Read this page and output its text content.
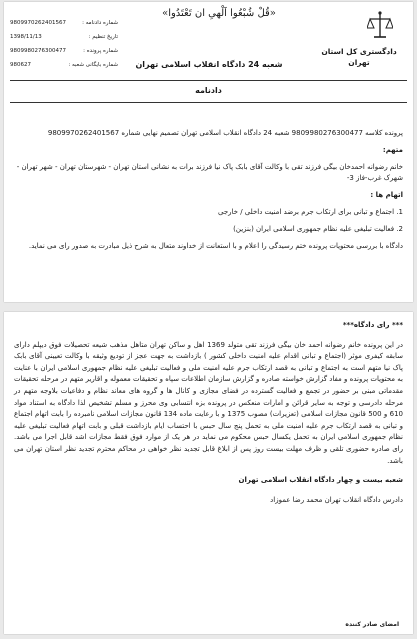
«قُلْ شُبْعُوا اَلْهیِ ان تَعْتَدُوا»
دادگستری کل استان
تهران
شعبه 24 دادگاه انقلاب اسلامی تهران
شماره دادنامه :
9809970262401567
تاریخ تنظیم :
1398/11/13
شماره پرونده :
9809980276300477
شماره بایگانی شعبه :
980627
دادنامه

پرونده کلاسه 9809980276300477 شعبه 24 دادگاه انقلاب اسلامی تهران تصمیم نهایی شماره 9809970262401567

متهم:

خانم رضوانه احمدخان بیگی فرزند تقی با وکالت آقای بابک پاک نیا فرزند برات به نشانی استان تهران - شهرستان تهران - شهر تهران - شهرک غرب-فاز 3-

اتهام ها :

1. اجتماع و تبانی برای ارتکاب جرم برضد امنیت داخلی / خارجی

2. فعالیت تبلیغی علیه نظام جمهوری اسلامی ایران (بنزین)

دادگاه با بررسی محتویات پرونده ختم رسیدگی را اعلام و با استعانت از خداوند متعال به شرح ذیل مبادرت به صدور رای می نماید.

*** رای دادگاه***

در این پرونده خانم رضوانه احمد خان بیگی فرزند تقی متولد 1369 اهل و ساکن تهران متاهل مذهب شیعه تحصیلات فوق دیپلم دارای سابقه کیفری موثر (اجتماع و تبانی اقدام علیه امنیت داخلی کشور ) بازداشت به جهت عجز از تودیع وثیقه با وکالت تعیینی آقای بابک پاک نیا متهم است به اجتماع و تبانی به قصد ارتکاب جرم علیه امنیت ملی و فعالیت تبلیغی علیه نظام جمهوری اسلامی ایران با عنایت به محتویات پرونده و مفاد گزارش خواسته صادره و گزارش سازمان اطلاعات سپاه و تحقیقات معموله و اقاریر متهم در مرحله تحقیقات مقدماتی مبنی بر حضور در تجمع و فعالیت گسترده در فضای مجازی و کانال ها و گروه های معاند نظام و دفاعیات بلاوجه متهم در مرحله دادرسی و توجه به سایر قرائن و امارات منعکس در پرونده بزه انتسابی وی محرز و مسلم تشخیص لذا دادگاه به استناد مواد 610 و 500 قانون مجازات اسلامی (تعزیرات) مصوب 1375 و با رعایت ماده 134 قانون مجازات اسلامی نامبرده را بابت اتهام اجتماع و تبانی به قصد ارتکاب جرم علیه امنیت ملی به تحمل پنج سال حبس با احتساب ایام بازداشت قبلی و بابت اتهام فعالیت تبلیغی علیه نظام جمهوری اسلامی ایران به تحمل یکسال حبس محکوم می نماید در هر یک از موارد فوق فقط مجازات اشد قابل اجرا می باشد. رای صادره حضوری تلقی و ظرف مهلت بیست روز پس از ابلاغ قابل تجدید نظر خواهی در محاکم محترم تجدید نظر استان تهران می باشد.

شعبه بیست و چهار دادگاه انقلاب اسلامی تهران

دادرس دادگاه انقلاب تهران محمد رضا عموزاد

امضای صادر کننده
